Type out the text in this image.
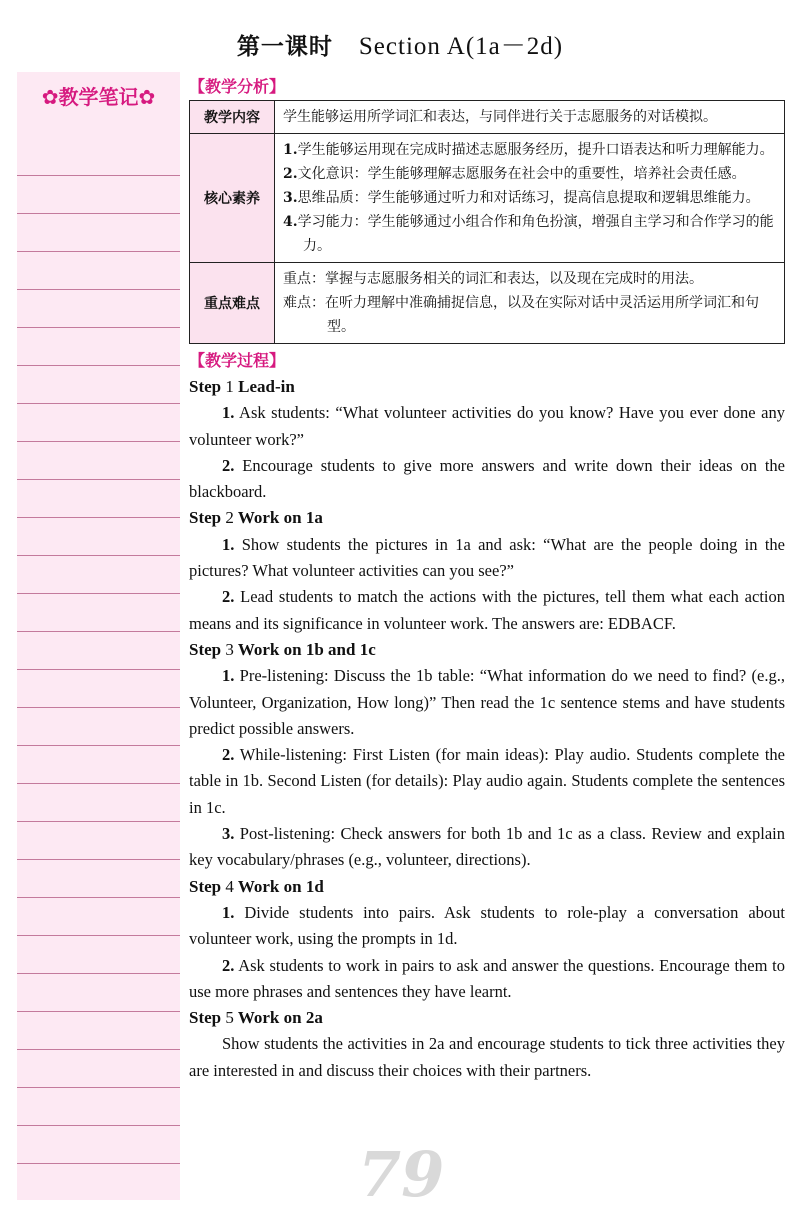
第一课时 Section A(1a－2d)
✿教学笔记✿
79
【教学分析】
教学内容	学生能够运用所学词汇和表达，与同伴进行关于志愿服务的对话模拟。
核心素养	1.学生能够运用现在完成时描述志愿服务经历，提升口语表达和听力理解能力。
2.文化意识：学生能够理解志愿服务在社会中的重要性，培养社会责任感。
3.思维品质：学生能够通过听力和对话练习，提高信息提取和逻辑思维能力。
4.学习能力：学生能够通过小组合作和角色扮演，增强自主学习和合作学习的能力。

重点难点	重点：掌握与志愿服务相关的词汇和表达，以及现在完成时的用法。
难点：在听力理解中准确捕捉信息，以及在实际对话中灵活运用所学词汇和句型。
【教学过程】
Step 1 Lead-in
1. Ask students: “What volunteer activities do you know? Have you ever done any volunteer work?”
2. Encourage students to give more answers and write down their ideas on the blackboard.
Step 2 Work on 1a
1. Show students the pictures in 1a and ask: “What are the people doing in the pictures? What volunteer activities can you see?”
2. Lead students to match the actions with the pictures, tell them what each action means and its significance in volunteer work. The answers are: EDBACF.
Step 3 Work on 1b and 1c
1. Pre-listening: Discuss the 1b table: “What information do we need to find? (e.g., Volunteer, Organization, How long)” Then read the 1c sentence stems and have students predict possible answers.
2. While-listening: First Listen (for main ideas): Play audio. Students complete the table in 1b. Second Listen (for details): Play audio again. Students complete the sentences in 1c.
3. Post-listening: Check answers for both 1b and 1c as a class. Review and explain key vocabulary/phrases (e.g., volunteer, directions).
Step 4 Work on 1d
1. Divide students into pairs. Ask students to role-play a conversation about volunteer work, using the prompts in 1d.
2. Ask students to work in pairs to ask and answer the questions. Encourage them to use more phrases and sentences they have learnt.
Step 5 Work on 2a
Show students the activities in 2a and encourage students to tick three activities they are interested in and discuss their choices with their partners.
